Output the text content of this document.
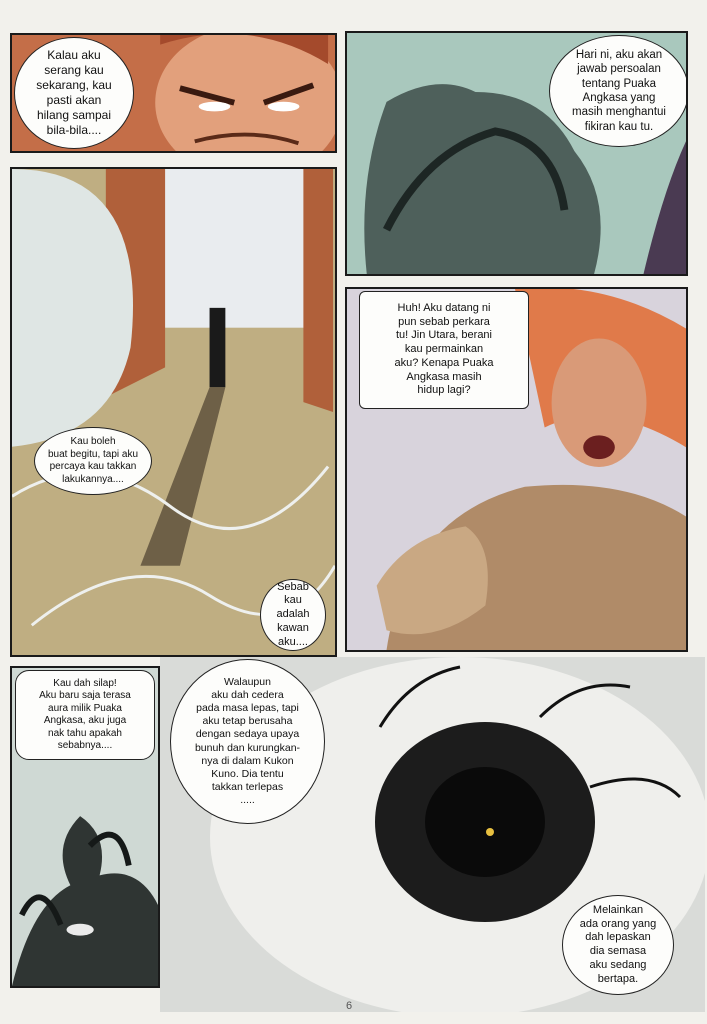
Kalau aku
serang kau
sekarang, kau
pasti akan
hilang sampai
bila-bila....
Hari ni, aku akan
jawab persoalan
tentang Puaka
Angkasa yang
masih menghantui
fikiran kau tu.
Kau boleh
buat begitu, tapi aku
percaya kau takkan
lakukannya....
Sebab
kau adalah
kawan
aku....
Huh! Aku datang ni
pun sebab perkara
tu! Jin Utara, berani
kau permainkan
aku? Kenapa Puaka
Angkasa masih
hidup lagi?
Kau dah silap!
Aku baru saja terasa
aura milik Puaka
Angkasa, aku juga
nak tahu apakah
sebabnya....
Walaupun
aku dah cedera
pada masa lepas, tapi
aku tetap berusaha
dengan sedaya upaya
bunuh dan kurungkan-
nya di dalam Kukon
Kuno. Dia tentu
takkan terlepas
.....
Melainkan
ada orang yang
dah lepaskan
dia semasa
aku sedang
bertapa.
6
